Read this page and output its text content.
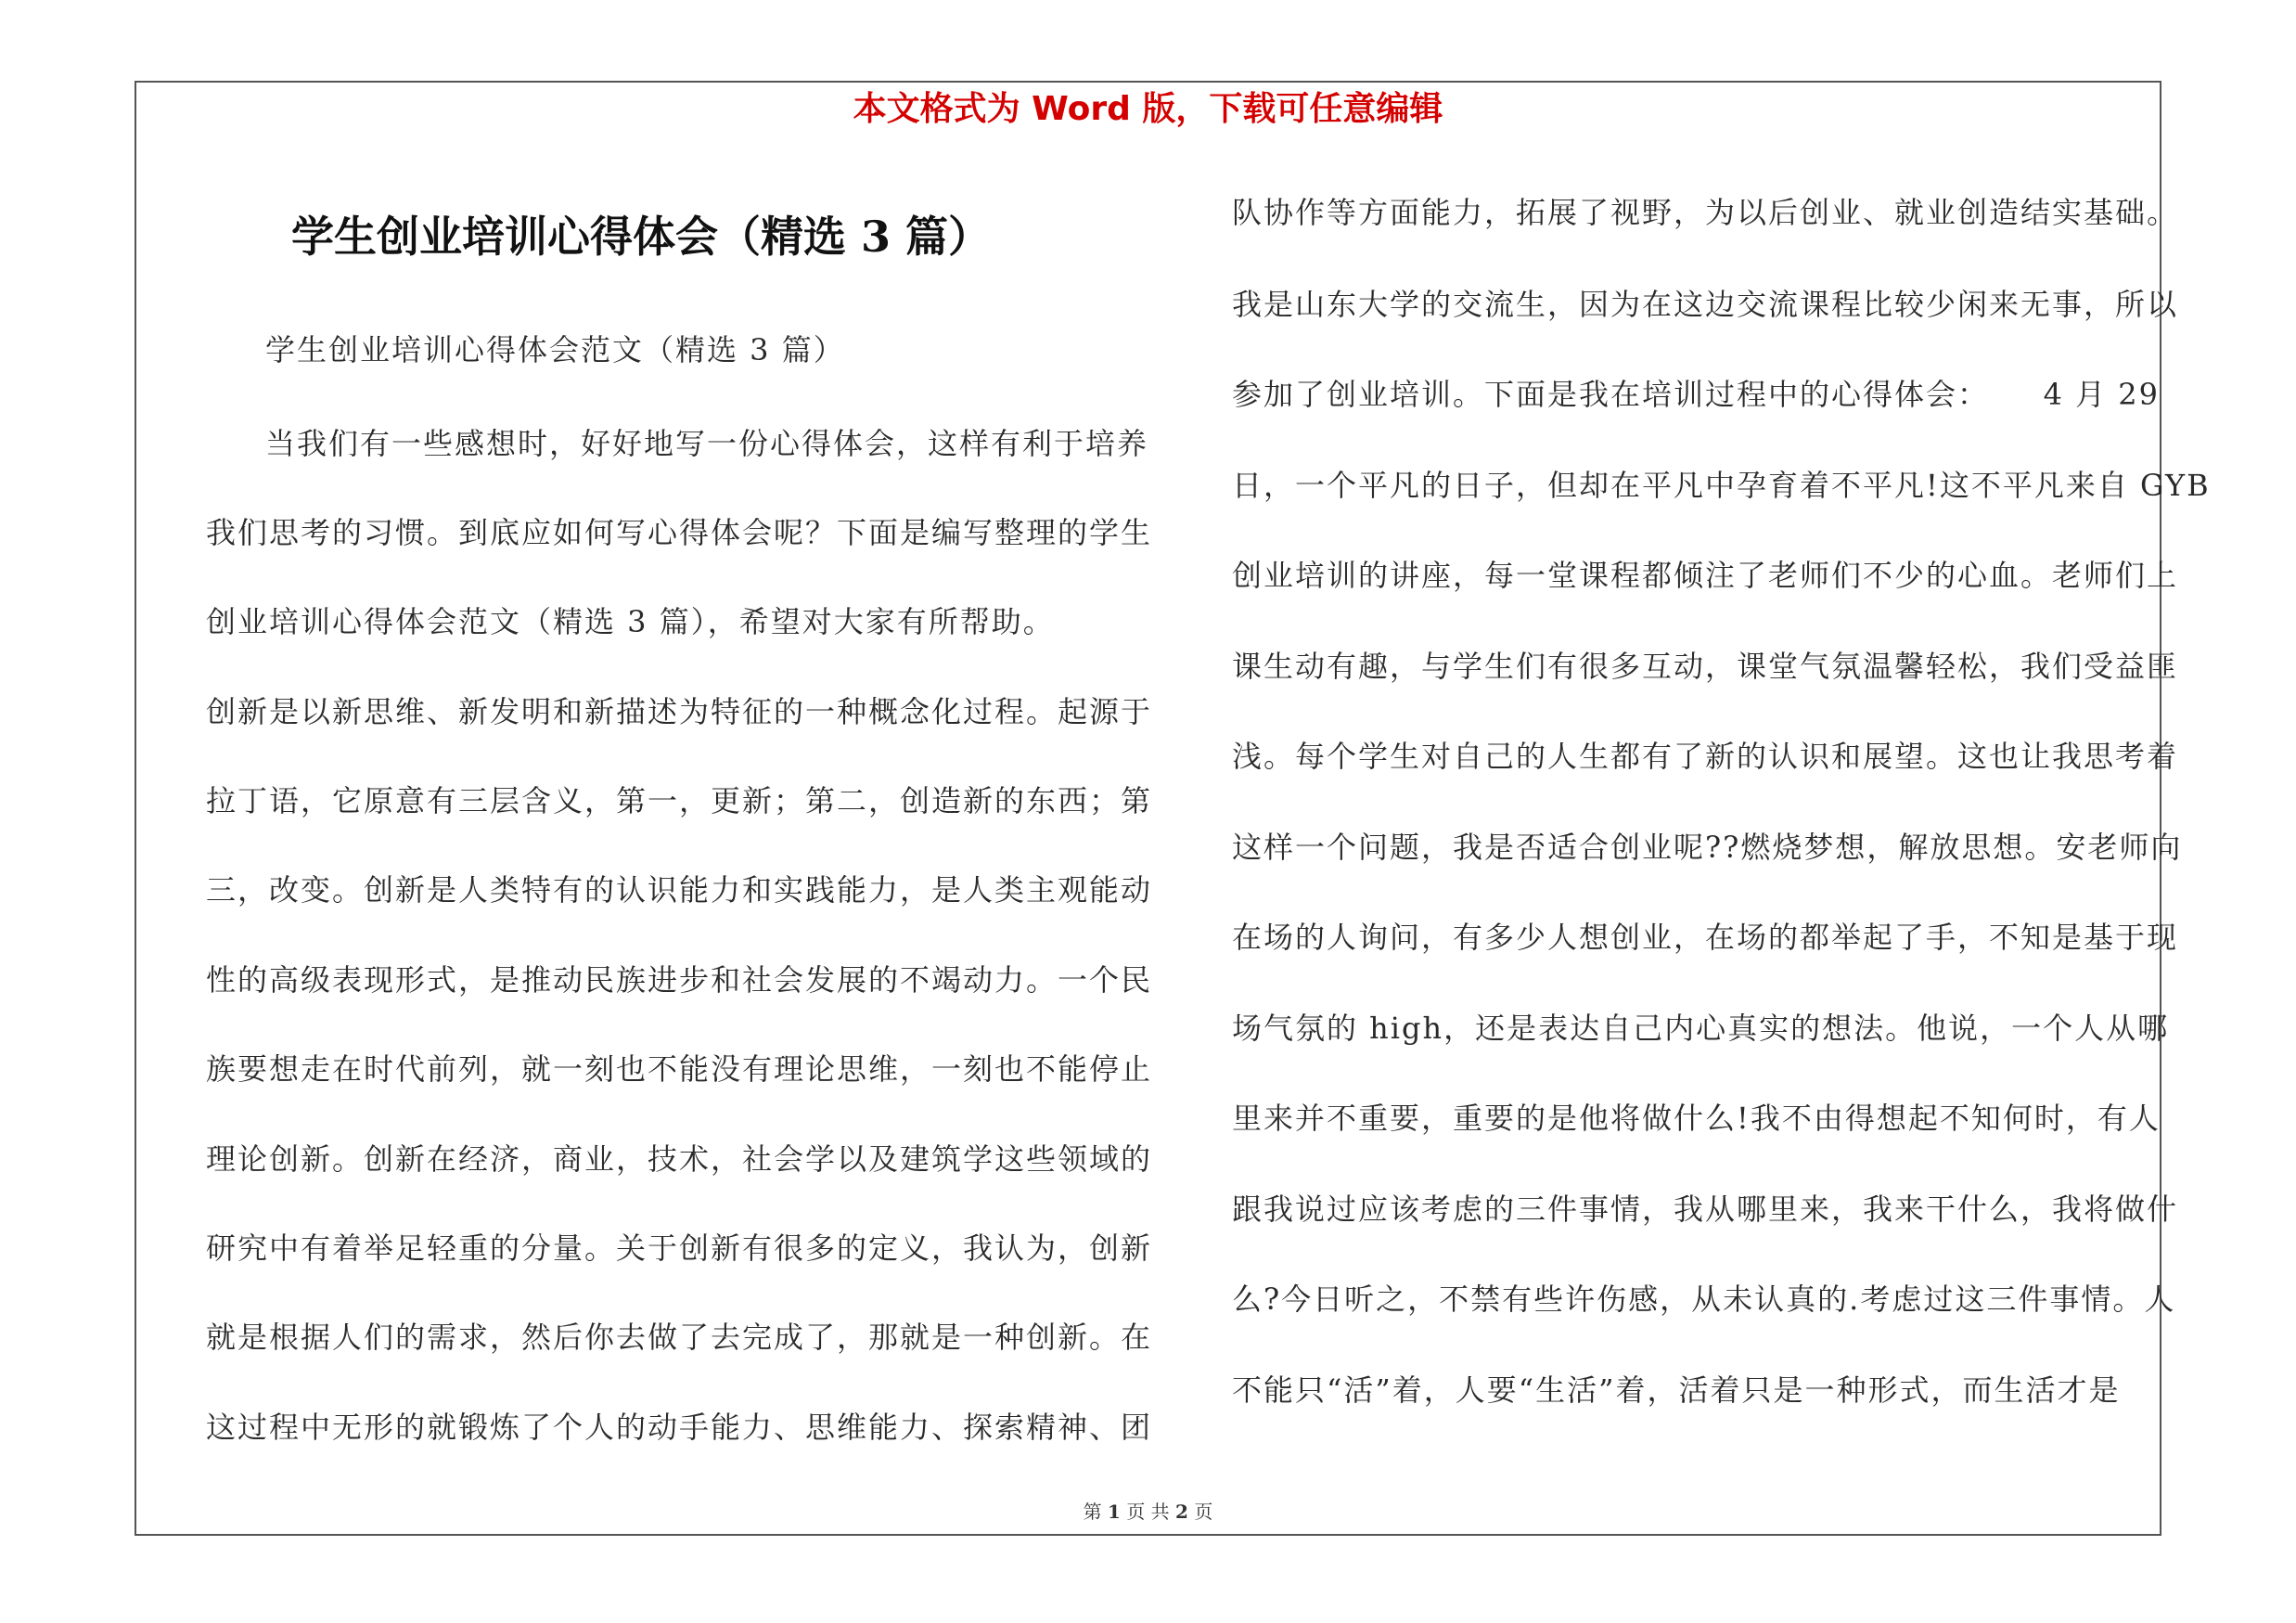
本文格式为 Word 版，下载可任意编辑
学生创业培训心得体会（精选 3 篇）
学生创业培训心得体会范文（精选 3 篇）
当我们有一些感想时，好好地写一份心得体会，这样有利于培养
我们思考的习惯。到底应如何写心得体会呢？下面是编写整理的学生
创业培训心得体会范文（精选 3 篇），希望对大家有所帮助。
创新是以新思维、新发明和新描述为特征的一种概念化过程。起源于
拉丁语，它原意有三层含义，第一，更新；第二，创造新的东西；第
三，改变。创新是人类特有的认识能力和实践能力，是人类主观能动
性的高级表现形式，是推动民族进步和社会发展的不竭动力。一个民
族要想走在时代前列，就一刻也不能没有理论思维，一刻也不能停止
理论创新。创新在经济，商业，技术，社会学以及建筑学这些领域的
研究中有着举足轻重的分量。关于创新有很多的定义，我认为，创新
就是根据人们的需求，然后你去做了去完成了，那就是一种创新。在
这过程中无形的就锻炼了个人的动手能力、思维能力、探索精神、团
队协作等方面能力，拓展了视野，为以后创业、就业创造结实基础。
我是山东大学的交流生，因为在这边交流课程比较少闲来无事，所以
参加了创业培训。下面是我在培训过程中的心得体会： 4 月 29
日，一个平凡的日子，但却在平凡中孕育着不平凡!这不平凡来自 GYB
创业培训的讲座，每一堂课程都倾注了老师们不少的心血。老师们上
课生动有趣，与学生们有很多互动，课堂气氛温馨轻松，我们受益匪
浅。每个学生对自己的人生都有了新的认识和展望。这也让我思考着
这样一个问题，我是否适合创业呢??燃烧梦想，解放思想。安老师向
在场的人询问，有多少人想创业，在场的都举起了手，不知是基于现
场气氛的 high，还是表达自己内心真实的想法。他说，一个人从哪
里来并不重要，重要的是他将做什么!我不由得想起不知何时，有人
跟我说过应该考虑的三件事情，我从哪里来，我来干什么，我将做什
么?今日听之，不禁有些许伤感，从未认真的.考虑过这三件事情。人
不能只“活”着，人要“生活”着，活着只是一种形式，而生活才是
第 1 页 共 2 页
